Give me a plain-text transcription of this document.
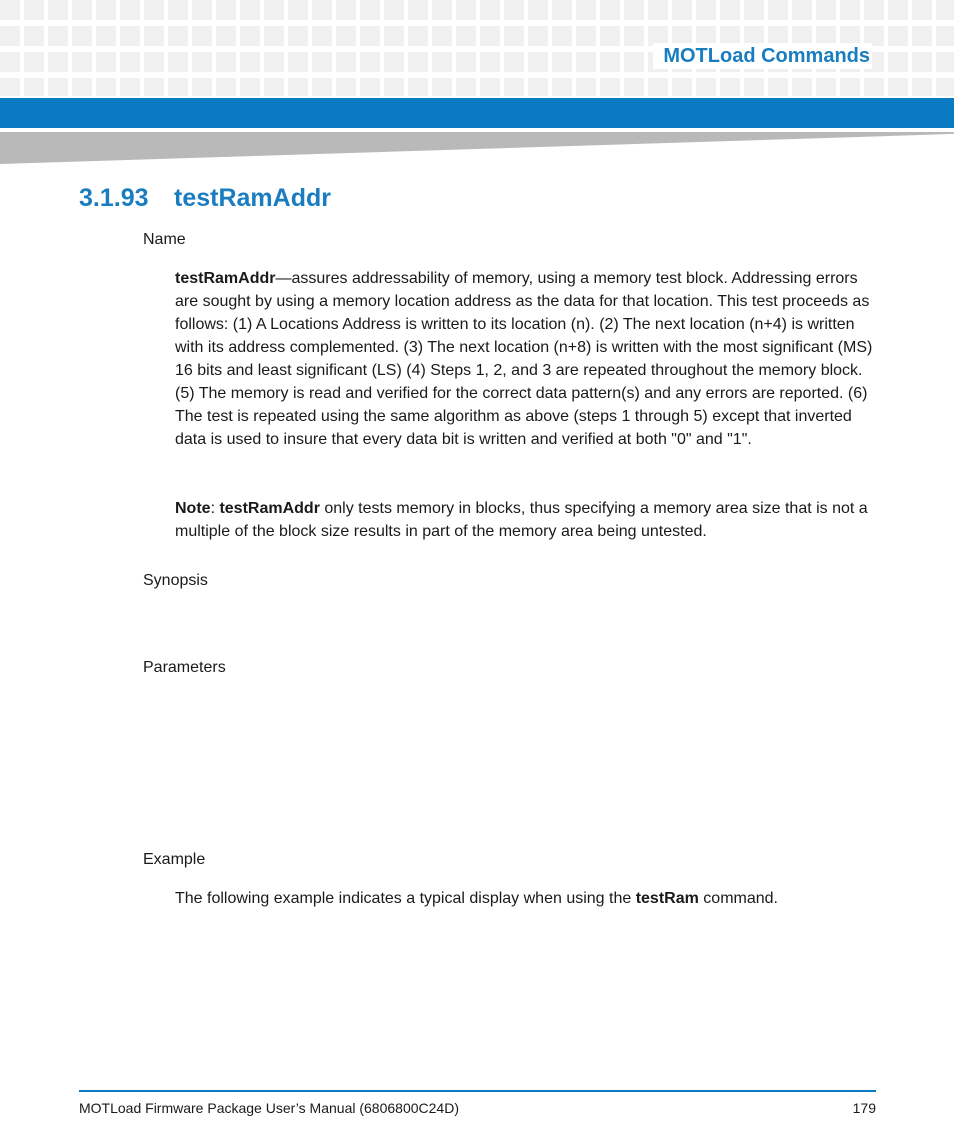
MOTLoad Commands
3.1.93 testRamAddr

Name

testRamAddr—assures addressability of memory, using a memory test block. Addressing errors are sought by using a memory location address as the data for that location. This test proceeds as follows: (1) A Locations Address is written to its location (n). (2) The next location (n+4) is written with its address complemented. (3) The next location (n+8) is written with the most significant (MS) 16 bits and least significant (LS) (4) Steps 1, 2, and 3 are repeated throughout the memory block. (5) The memory is read and verified for the correct data pattern(s) and any errors are reported. (6) The test is repeated using the same algorithm as above (steps 1 through 5) except that inverted data is used to insure that every data bit is written and verified at both "0" and "1".

Note: testRamAddr only tests memory in blocks, thus specifying a memory area size that is not a multiple of the block size results in part of the memory area being untested.

Synopsis

Parameters

Example

The following example indicates a typical display when using the testRam command.

MOTLoad Firmware Package User’s Manual (6806800C24D)	179
